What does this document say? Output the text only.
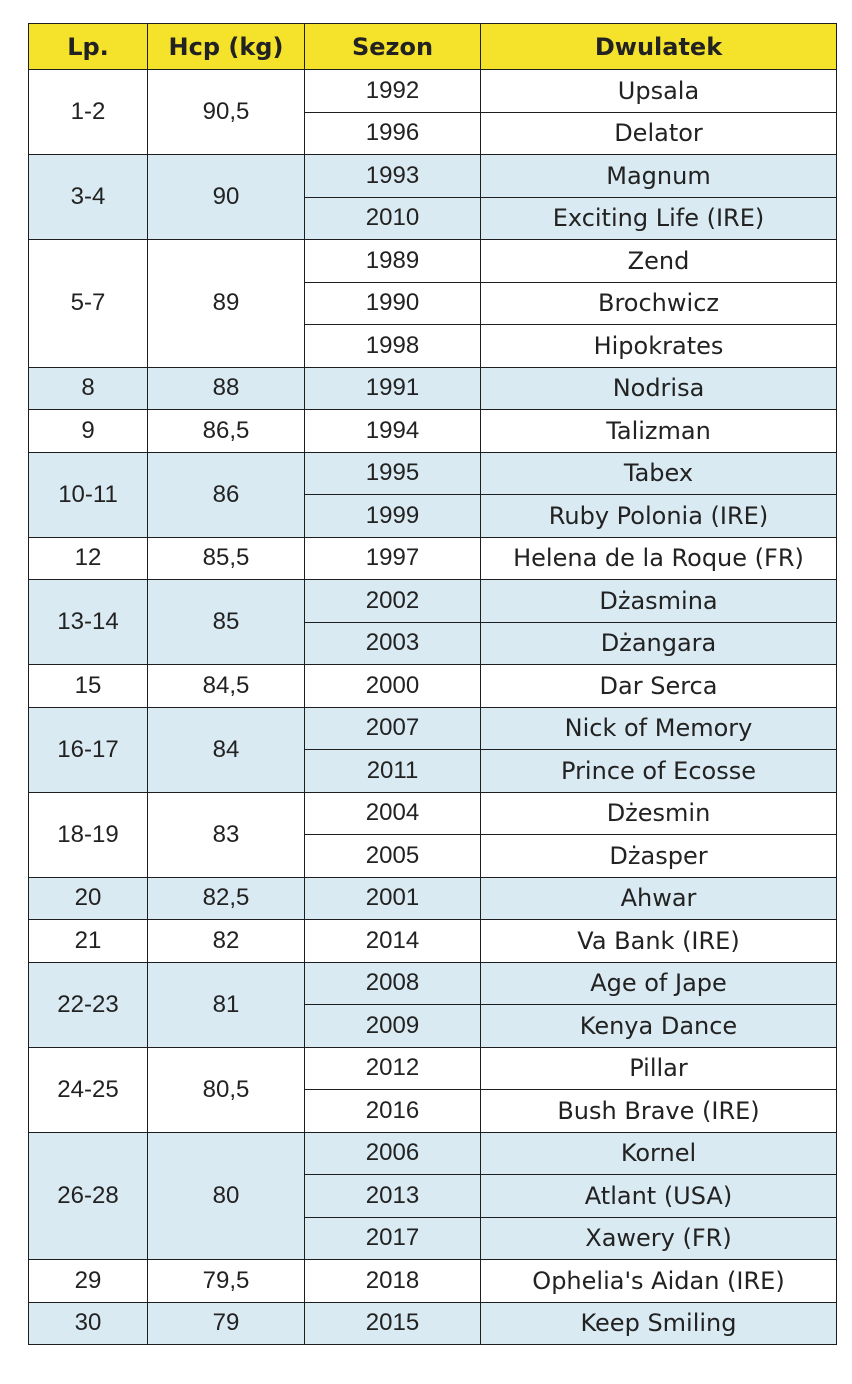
Lp.	Hcp (kg)	Sezon	Dwulatek
1-2	90,5	1992	Upsala
		1996	Delator
3-4	90	1993	Magnum
		2010	Exciting Life (IRE)
5-7	89	1989	Zend
		1990	Brochwicz
		1998	Hipokrates
8	88	1991	Nodrisa
9	86,5	1994	Talizman
10-11	86	1995	Tabex
		1999	Ruby Polonia (IRE)
12	85,5	1997	Helena de la Roque (FR)
13-14	85	2002	Dżasmina
		2003	Dżangara
15	84,5	2000	Dar Serca
16-17	84	2007	Nick of Memory
		2011	Prince of Ecosse
18-19	83	2004	Dżesmin
		2005	Dżasper
20	82,5	2001	Ahwar
21	82	2014	Va Bank (IRE)
22-23	81	2008	Age of Jape
		2009	Kenya Dance
24-25	80,5	2012	Pillar
		2016	Bush Brave (IRE)
26-28	80	2006	Kornel
		2013	Atlant (USA)
		2017	Xawery (FR)
29	79,5	2018	Ophelia's Aidan (IRE)
30	79	2015	Keep Smiling
